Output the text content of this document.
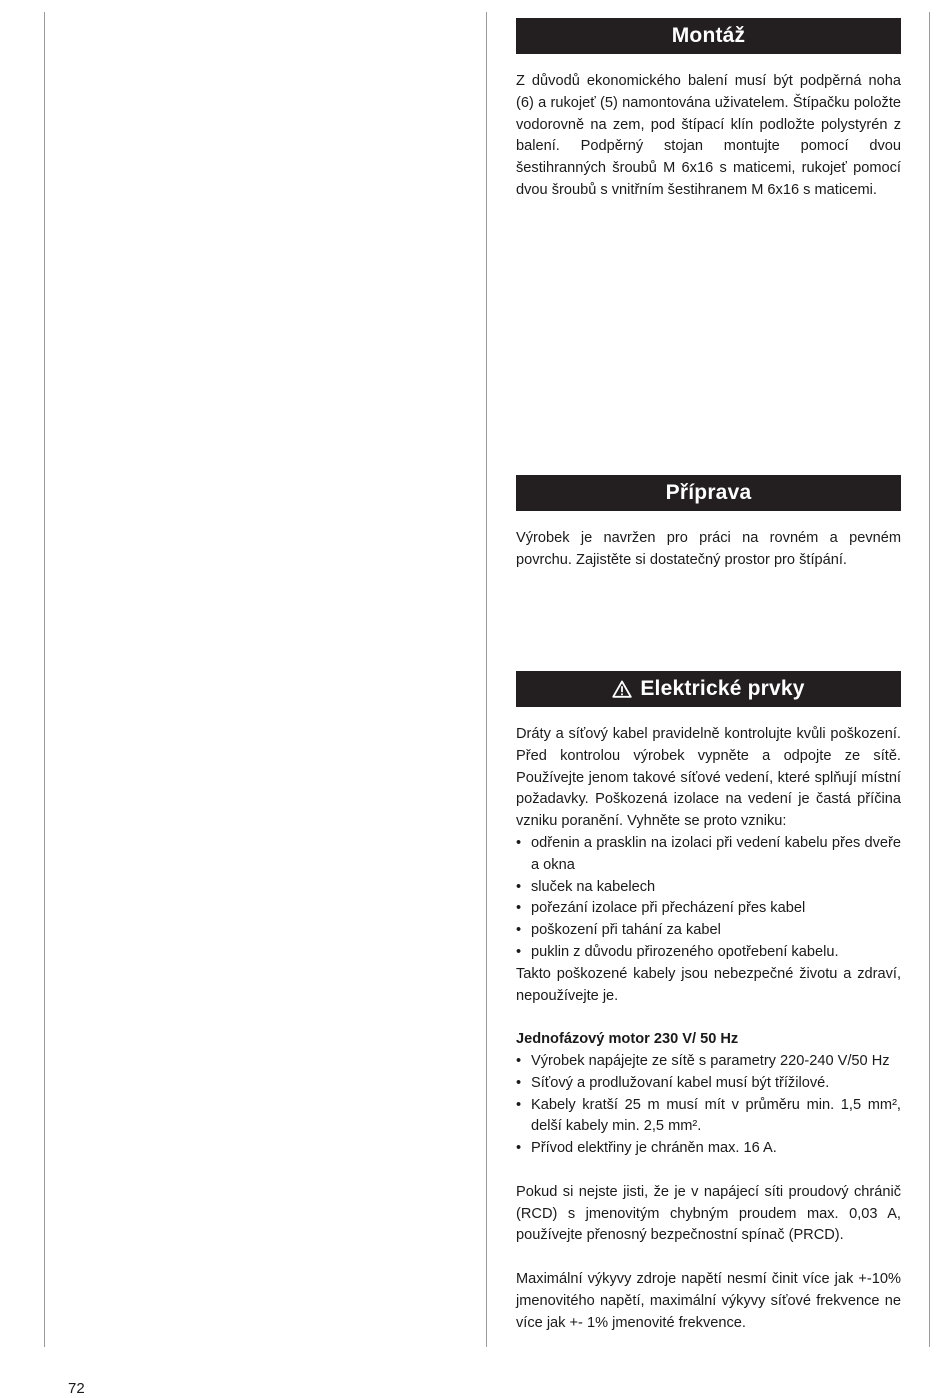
Montáž

Z důvodů ekonomického balení musí být podpěrná noha (6) a rukojeť (5) namontována uživatelem. Štípačku položte vodorovně na zem, pod štípací klín podložte polystyrén z balení. Podpěrný stojan montujte pomocí dvou šestihranných šroubů M 6x16 s maticemi, rukojeť pomocí dvou šroubů s vnitřním šestihranem M 6x16 s maticemi.

Příprava

Výrobek je navržen pro práci na rovném a pevném povrchu. Zajistěte si dostatečný prostor pro štípání.

Elektrické prvky

Dráty a síťový kabel pravidelně kontrolujte kvůli poškození. Před kontrolou výrobek vypněte a odpojte ze sítě. Používejte jenom takové síťové vedení, které splňují místní požadavky. Poškozená izolace na vedení je častá příčina vzniku poranění. Vyhněte se proto vzniku:

• odřenin a prasklin na izolaci při vedení kabelu přes dveře a okna
• sluček na kabelech
• pořezání izolace při přecházení přes kabel
• poškození při tahání za kabel
• puklin z důvodu přirozeného opotřebení kabelu.

Takto poškozené kabely jsou nebezpečné životu a zdraví, nepoužívejte je.

Jednofázový motor 230 V/ 50 Hz

• Výrobek napájejte ze sítě s parametry 220-240 V/50 Hz
• Síťový a prodlužovaní kabel musí být třížilové.
• Kabely kratší 25 m musí mít v průměru min. 1,5 mm², delší kabely min. 2,5 mm².
• Přívod elektřiny je chráněn max. 16 A.

Pokud si nejste jisti, že je v napájecí síti proudový chránič (RCD) s jmenovitým chybným proudem max. 0,03 A, používejte přenosný bezpečnostní spínač (PRCD).

Maximální výkyvy zdroje napětí nesmí činit více jak +-10% jmenovitého napětí, maximální výkyvy síťové frekvence ne více jak +- 1% jmenovité frekvence.

72
